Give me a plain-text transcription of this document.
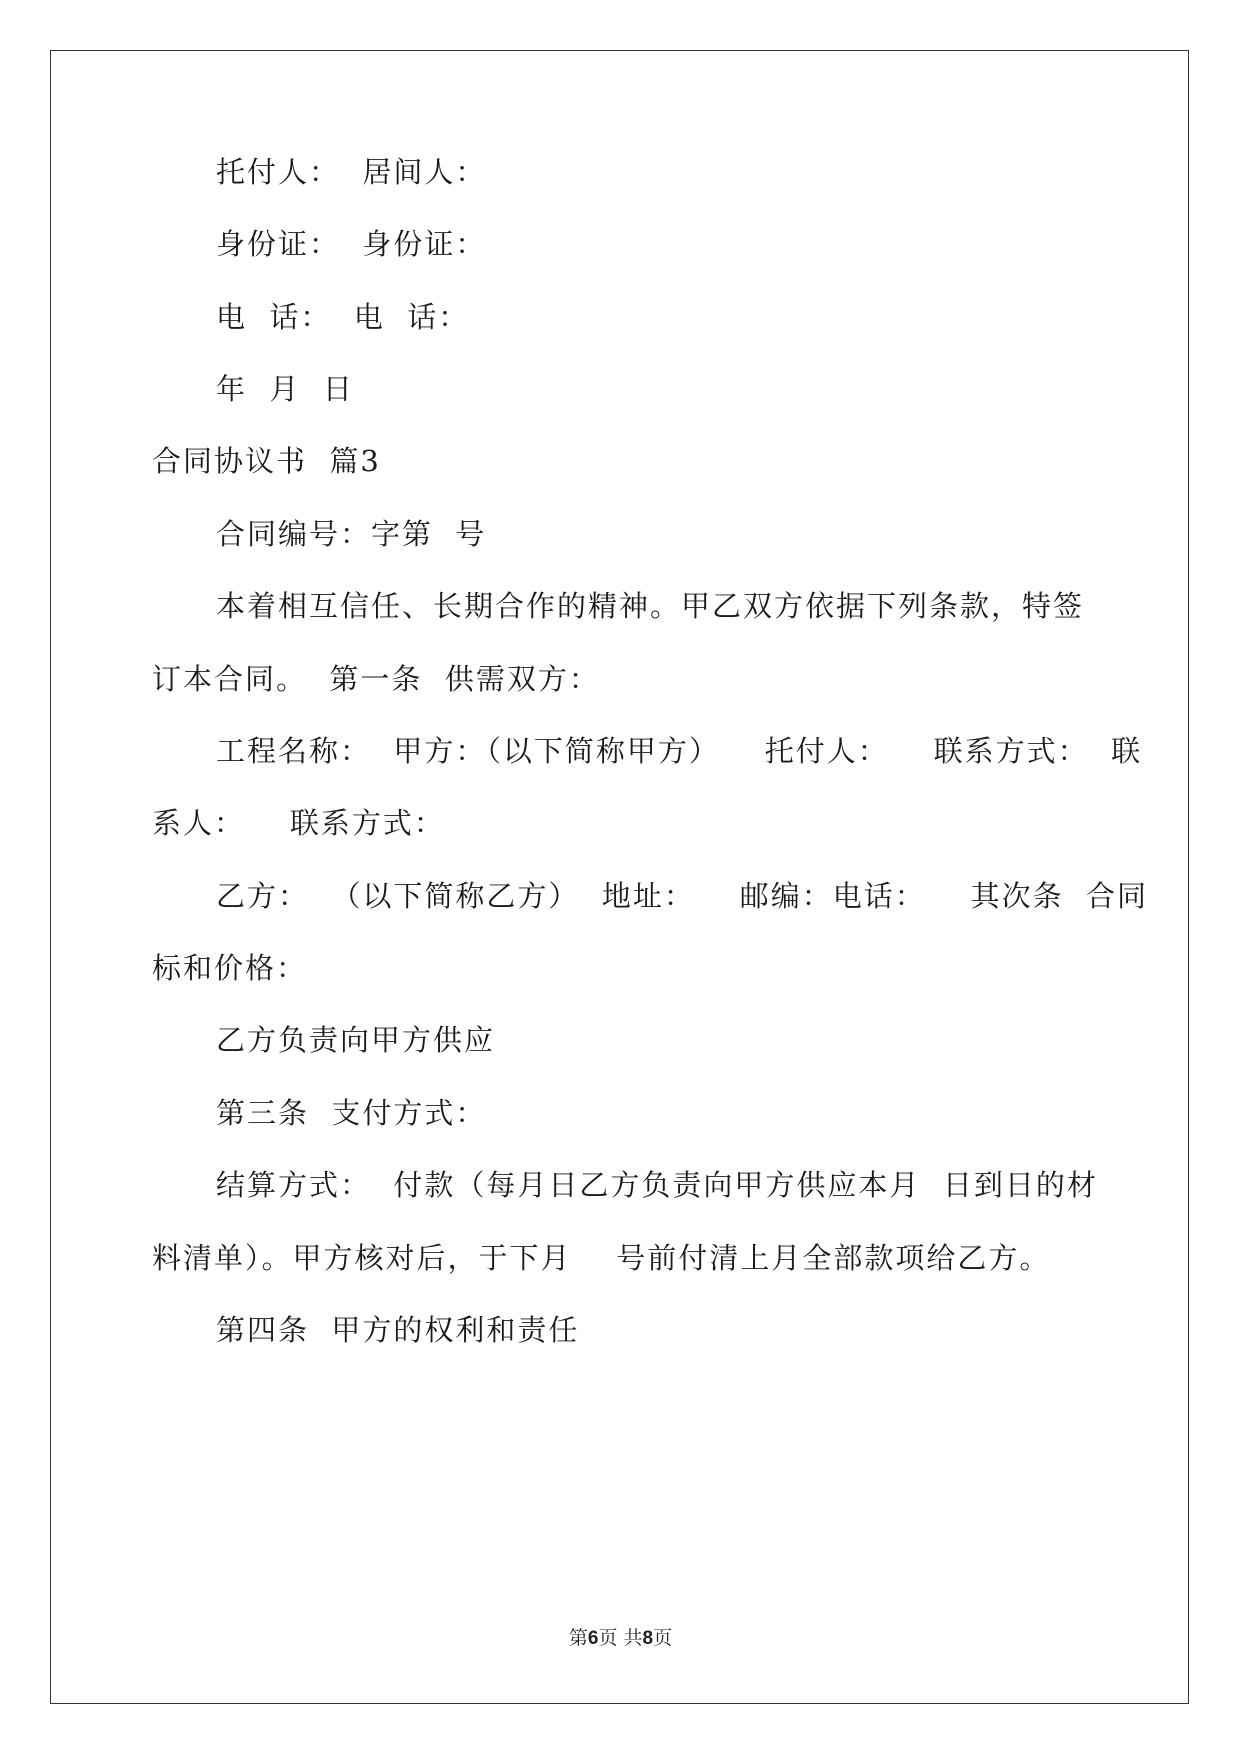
托付人：  居间人：
身份证：  身份证：
电  话：  电  话：
年  月  日
合同协议书  篇3
合同编号：字第  号
本着相互信任、长期合作的精神。甲乙双方依据下列条款，特签
订本合同。  第一条  供需双方：
工程名称：  甲方：（以下简称甲方）    托付人：    联系方式：  联
系人：    联系方式：
乙方：  （以下简称乙方）  地址：    邮编：电话：    其次条  合同
标和价格：
乙方负责向甲方供应
第三条  支付方式：
结算方式：  付款（每月日乙方负责向甲方供应本月  日到日的材
料清单）。甲方核对后，于下月    号前付清上月全部款项给乙方。
第四条  甲方的权利和责任
第6页 共8页
